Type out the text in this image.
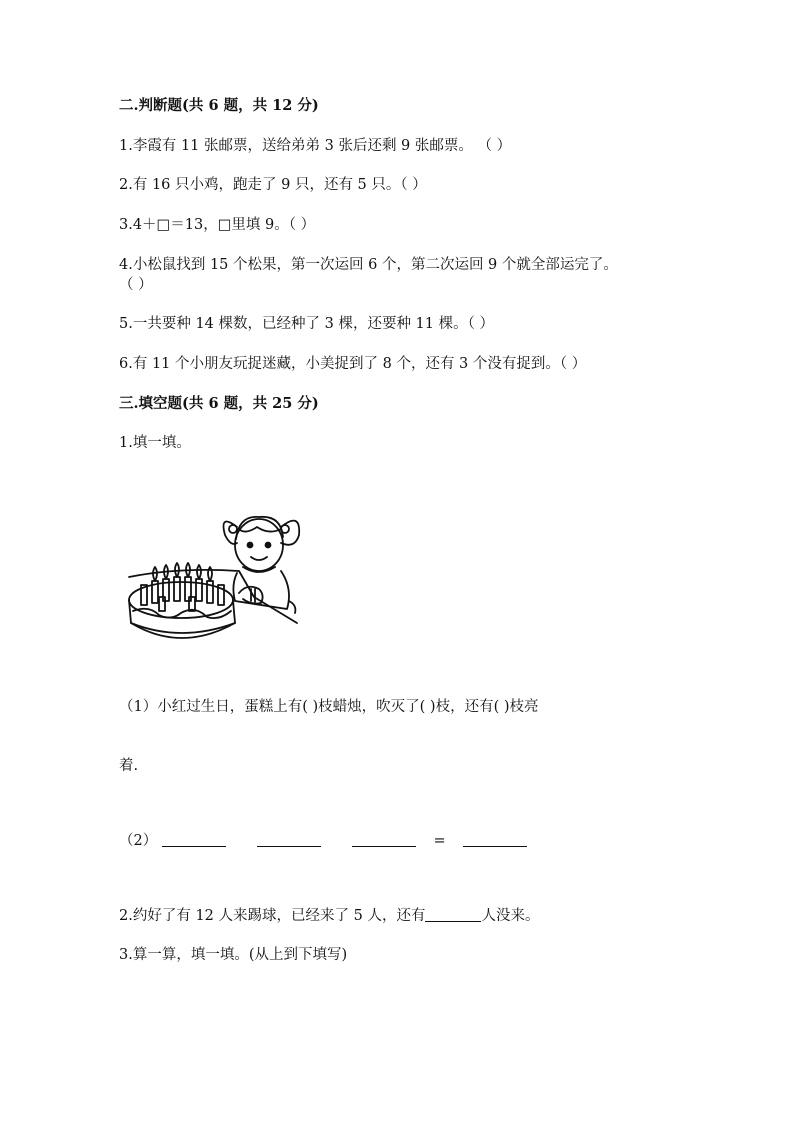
二.判断题(共 6 题，共 12 分)
1.李霞有 11 张邮票，送给弟弟 3 张后还剩 9 张邮票。 （ ）
2.有 16 只小鸡，跑走了 9 只，还有 5 只。（ ）
3.4＋□＝13，□里填 9。（ ）
4.小松鼠找到 15 个松果，第一次运回 6 个，第二次运回 9 个就全部运完了。
（ ）
5.一共要种 14 棵数，已经种了 3 棵，还要种 11 棵。（ ）
6.有 11 个小朋友玩捉迷藏，小美捉到了 8 个，还有 3 个没有捉到。（ ）
三.填空题(共 6 题，共 25 分)
1.填一填。
（1）小红过生日，蛋糕上有( )枝蜡烛，吹灭了( )枝，还有( )枝亮
着.
（2）	=
2.约好了有 12 人来踢球，已经来了 5 人，还有	人没来。
3.算一算，填一填。(从上到下填写)
